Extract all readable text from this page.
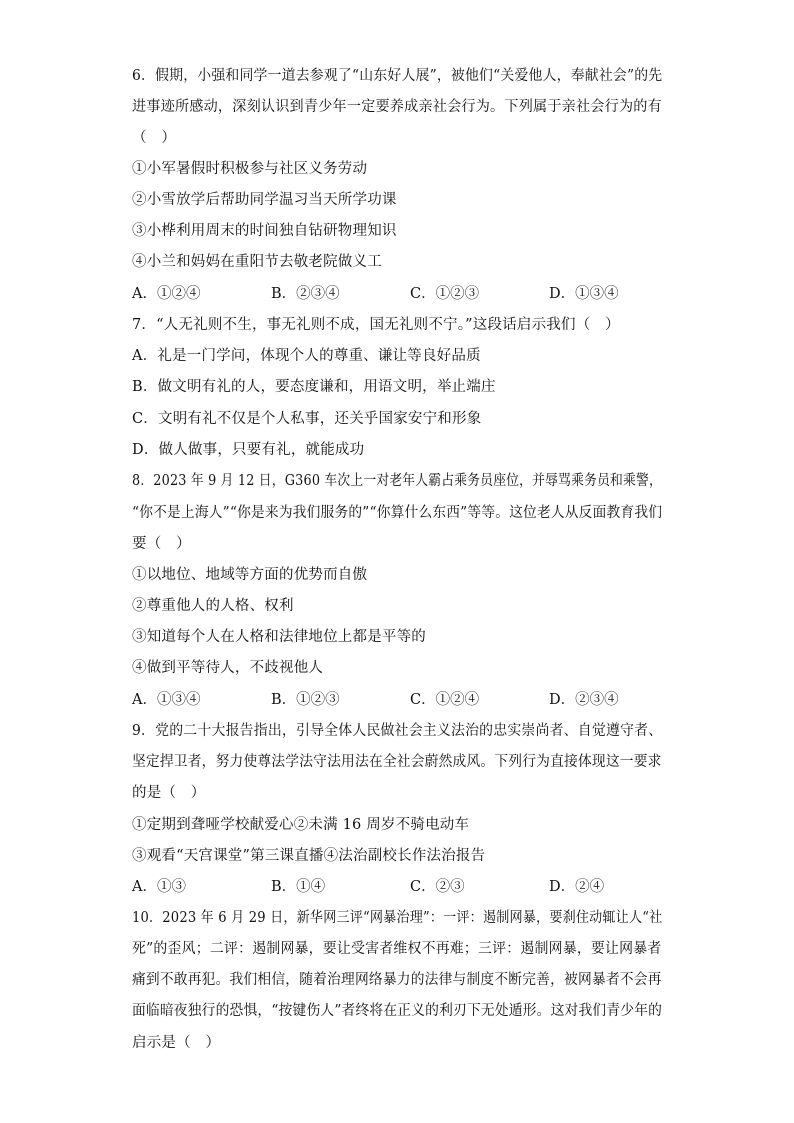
6．假期，小强和同学一道去参观了“山东好人展”，被他们“关爱他人，奉献社会”的先
进事迹所感动，深刻认识到青少年一定要养成亲社会行为。下列属于亲社会行为的有
（　）
①小军暑假时积极参与社区义务劳动
②小雪放学后帮助同学温习当天所学功课
③小桦利用周末的时间独自钻研物理知识
④小兰和妈妈在重阳节去敬老院做义工
A．①②④	B．②③④	C．①②③	D．①③④
7．“人无礼则不生，事无礼则不成，国无礼则不宁。”这段话启示我们（　）
A．礼是一门学问，体现个人的尊重、谦让等良好品质
B．做文明有礼的人，要态度谦和，用语文明，举止端庄
C．文明有礼不仅是个人私事，还关乎国家安宁和形象
D．做人做事，只要有礼，就能成功
8．2023 年 9 月 12 日，G360 车次上一对老年人霸占乘务员座位，并辱骂乘务员和乘警，
“你不是上海人”“你是来为我们服务的”“你算什么东西”等等。这位老人从反面教育我们
要（　）
①以地位、地域等方面的优势而自傲
②尊重他人的人格、权利
③知道每个人在人格和法律地位上都是平等的
④做到平等待人，不歧视他人
A．①③④	B．①②③	C．①②④	D．②③④
9．党的二十大报告指出，引导全体人民做社会主义法治的忠实崇尚者、自觉遵守者、
坚定捍卫者，努力使尊法学法守法用法在全社会蔚然成风。下列行为直接体现这一要求
的是（　）
①定期到聋哑学校献爱心②未满 16 周岁不骑电动车
③观看“天宫课堂”第三课直播④法治副校长作法治报告
A．①③	B．①④	C．②③	D．②④
10．2023 年 6 月 29 日，新华网三评“网暴治理”：一评：遏制网暴，要刹住动辄让人“社
死”的歪风；二评：遏制网暴，要让受害者维权不再难；三评：遏制网暴，要让网暴者
痛到不敢再犯。我们相信，随着治理网络暴力的法律与制度不断完善，被网暴者不会再
面临暗夜独行的恐惧，“按键伤人”者终将在正义的利刃下无处遁形。这对我们青少年的
启示是（　）
